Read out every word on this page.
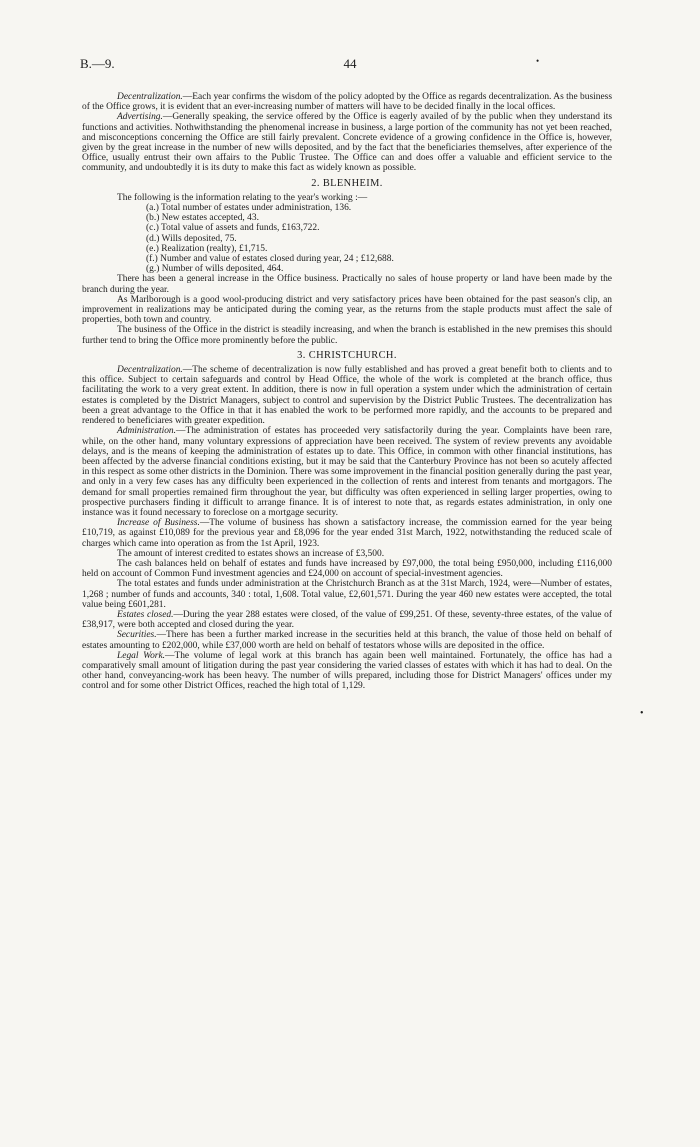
B.—9.	44	•

Decentralization.—Each year confirms the wisdom of the policy adopted by the Office as regards decentralization. As the business of the Office grows, it is evident that an ever-increasing number of matters will have to be decided finally in the local offices.

Advertising.—Generally speaking, the service offered by the Office is eagerly availed of by the public when they understand its functions and activities. Nothwithstanding the phenomenal increase in business, a large portion of the community has not yet been reached, and misconceptions concerning the Office are still fairly prevalent. Concrete evidence of a growing confidence in the Office is, however, given by the great increase in the number of new wills deposited, and by the fact that the beneficiaries themselves, after experience of the Office, usually entrust their own affairs to the Public Trustee. The Office can and does offer a valuable and efficient service to the community, and undoubtedly it is its duty to make this fact as widely known as possible.

2. BLENHEIM.

The following is the information relating to the year's working :—

(a.) Total number of estates under administration, 136.

(b.) New estates accepted, 43.

(c.) Total value of assets and funds, £163,722.

(d.) Wills deposited, 75.

(e.) Realization (realty), £1,715.

(f.) Number and value of estates closed during year, 24 ; £12,688.

(g.) Number of wills deposited, 464.

There has been a general increase in the Office business. Practically no sales of house property or land have been made by the branch during the year.

As Marlborough is a good wool-producing district and very satisfactory prices have been obtained for the past season's clip, an improvement in realizations may be anticipated during the coming year, as the returns from the staple products must affect the sale of properties, both town and country.

The business of the Office in the district is steadily increasing, and when the branch is established in the new premises this should further tend to bring the Office more prominently before the public.

3. CHRISTCHURCH.

Decentralization.—The scheme of decentralization is now fully established and has proved a great benefit both to clients and to this office. Subject to certain safeguards and control by Head Office, the whole of the work is completed at the branch office, thus facilitating the work to a very great extent. In addition, there is now in full operation a system under which the administration of certain estates is completed by the District Managers, subject to control and supervision by the District Public Trustees. The decentralization has been a great advantage to the Office in that it has enabled the work to be performed more rapidly, and the accounts to be prepared and rendered to beneficiares with greater expedition.

Administration.—The administration of estates has proceeded very satisfactorily during the year. Complaints have been rare, while, on the other hand, many voluntary expressions of appreciation have been received. The system of review prevents any avoidable delays, and is the means of keeping the administration of estates up to date. This Office, in common with other financial institutions, has been affected by the adverse financial conditions existing, but it may be said that the Canterbury Province has not been so acutely affected in this respect as some other districts in the Dominion. There was some improvement in the financial position generally during the past year, and only in a very few cases has any difficulty been experienced in the collection of rents and interest from tenants and mortgagors. The demand for small properties remained firm throughout the year, but difficulty was often experienced in selling larger properties, owing to prospective purchasers finding it difficult to arrange finance. It is of interest to note that, as regards estates administration, in only one instance was it found necessary to foreclose on a mortgage security.

Increase of Business.—The volume of business has shown a satisfactory increase, the commission earned for the year being £10,719, as against £10,089 for the previous year and £8,096 for the year ended 31st March, 1922, notwithstanding the reduced scale of charges which came into operation as from the 1st April, 1923.

The amount of interest credited to estates shows an increase of £3,500.

The cash balances held on behalf of estates and funds have increased by £97,000, the total being £950,000, including £116,000 held on account of Common Fund investment agencies and £24,000 on account of special-investment agencies.

The total estates and funds under administration at the Christchurch Branch as at the 31st March, 1924, were—Number of estates, 1,268 ; number of funds and accounts, 340 : total, 1,608. Total value, £2,601,571. During the year 460 new estates were accepted, the total value being £601,281.

Estates closed.—During the year 288 estates were closed, of the value of £99,251. Of these, seventy-three estates, of the value of £38,917, were both accepted and closed during the year.

Securities.—There has been a further marked increase in the securities held at this branch, the value of those held on behalf of estates amounting to £202,000, while £37,000 worth are held on behalf of testators whose wills are deposited in the office.

Legal Work.—The volume of legal work at this branch has again been well maintained. Fortunately, the office has had a comparatively small amount of litigation during the past year considering the varied classes of estates with which it has had to deal. On the other hand, conveyancing-work has been heavy. The number of wills prepared, including those for District Managers' offices under my control and for some other District Offices, reached the high total of 1,129.

•
